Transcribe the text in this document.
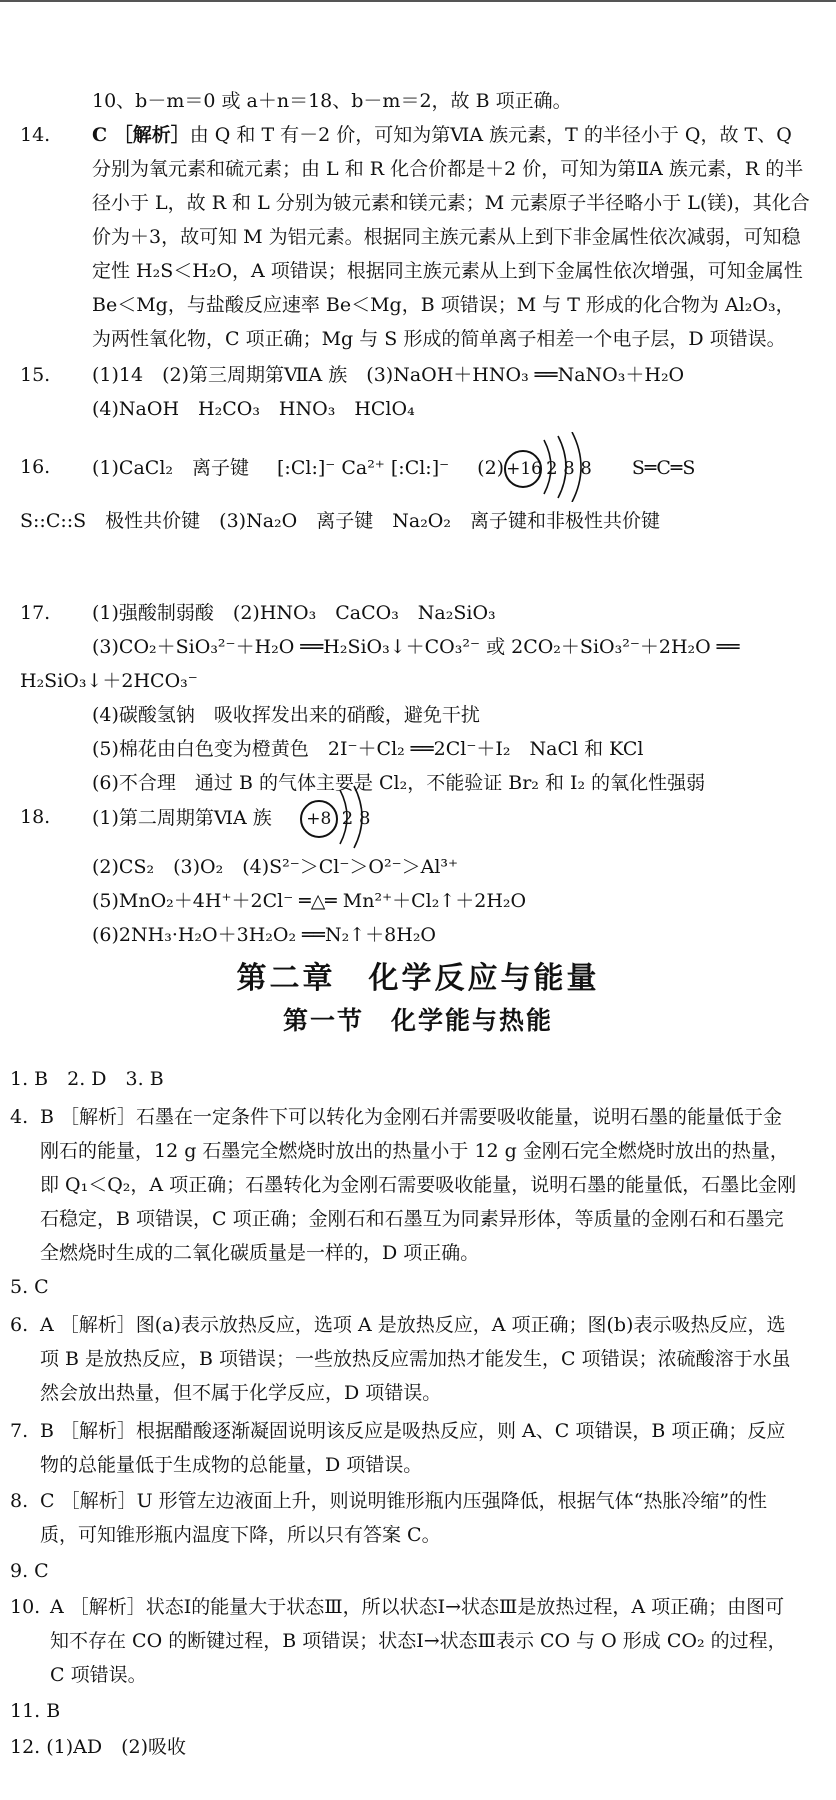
10、b－m＝0 或 a＋n＝18、b－m＝2，故 B 项正确。
14.	C ［解析］由 Q 和 T 有－2 价，可知为第ⅥA 族元素，T 的半径小于 Q，故 T、Q 分别为氧元素和硫元素；由 L 和 R 化合价都是＋2 价，可知为第ⅡA 族元素，R 的半径小于 L，故 R 和 L 分别为铍元素和镁元素；M 元素原子半径略小于 L(镁)，其化合价为＋3，故可知 M 为铝元素。根据同主族元素从上到下非金属性依次减弱，可知稳定性 H₂S＜H₂O，A 项错误；根据同主族元素从上到下金属性依次增强，可知金属性 Be＜Mg，与盐酸反应速率 Be＜Mg，B 项错误；M 与 T 形成的化合物为 Al₂O₃，为两性氧化物，C 项正确；Mg 与 S 形成的简单离子相差一个电子层，D 项错误。
15.	(1)14　(2)第三周期第ⅦA 族　(3)NaOH＋HNO₃ ══NaNO₃＋H₂O
(4)NaOH　H₂CO₃　HNO₃　HClO₄
16.	(1)CaCl₂　离子键 [:Cl:]⁻ Ca²⁺ [:Cl:]⁻ (2) +16 2 8 8 S═C═S
S::C::S　极性共价键　(3)Na₂O　离子键　Na₂O₂　离子键和非极性共价键
17.	(1)强酸制弱酸　(2)HNO₃　CaCO₃　Na₂SiO₃
(3)CO₂＋SiO₃²⁻＋H₂O ══H₂SiO₃↓＋CO₃²⁻ 或 2CO₂＋SiO₃²⁻＋2H₂O ══
H₂SiO₃↓＋2HCO₃⁻
(4)碳酸氢钠　吸收挥发出来的硝酸，避免干扰
(5)棉花由白色变为橙黄色　2I⁻＋Cl₂ ══2Cl⁻＋I₂　NaCl 和 KCl
(6)不合理　通过 B 的气体主要是 Cl₂，不能验证 Br₂ 和 I₂ 的氧化性强弱
18.	(1)第二周期第ⅥA 族 +8 2 8
(2)CS₂　(3)O₂　(4)S²⁻＞Cl⁻＞O²⁻＞Al³⁺
(5)MnO₂＋4H⁺＋2Cl⁻ ═△═ Mn²⁺＋Cl₂↑＋2H₂O
(6)2NH₃·H₂O＋3H₂O₂ ══N₂↑＋8H₂O
第二章　化学反应与能量
第一节　化学能与热能
1. B　2. D　3. B
4. B ［解析］石墨在一定条件下可以转化为金刚石并需要吸收能量，说明石墨的能量低于金刚石的能量，12 g 石墨完全燃烧时放出的热量小于 12 g 金刚石完全燃烧时放出的热量，即 Q₁＜Q₂，A 项正确；石墨转化为金刚石需要吸收能量，说明石墨的能量低，石墨比金刚石稳定，B 项错误，C 项正确；金刚石和石墨互为同素异形体，等质量的金刚石和石墨完全燃烧时生成的二氧化碳质量是一样的，D 项正确。
5. C
6. A ［解析］图(a)表示放热反应，选项 A 是放热反应，A 项正确；图(b)表示吸热反应，选项 B 是放热反应，B 项错误；一些放热反应需加热才能发生，C 项错误；浓硫酸溶于水虽然会放出热量，但不属于化学反应，D 项错误。
7. B ［解析］根据醋酸逐渐凝固说明该反应是吸热反应，则 A、C 项错误，B 项正确；反应物的总能量低于生成物的总能量，D 项错误。
8. C ［解析］U 形管左边液面上升，则说明锥形瓶内压强降低，根据气体“热胀冷缩”的性质，可知锥形瓶内温度下降，所以只有答案 C。
9. C
10. A ［解析］状态Ⅰ的能量大于状态Ⅲ，所以状态Ⅰ→状态Ⅲ是放热过程，A 项正确；由图可知不存在 CO 的断键过程，B 项错误；状态Ⅰ→状态Ⅲ表示 CO 与 O 形成 CO₂ 的过程，C 项错误。
11. B
12. (1)AD　(2)吸收
